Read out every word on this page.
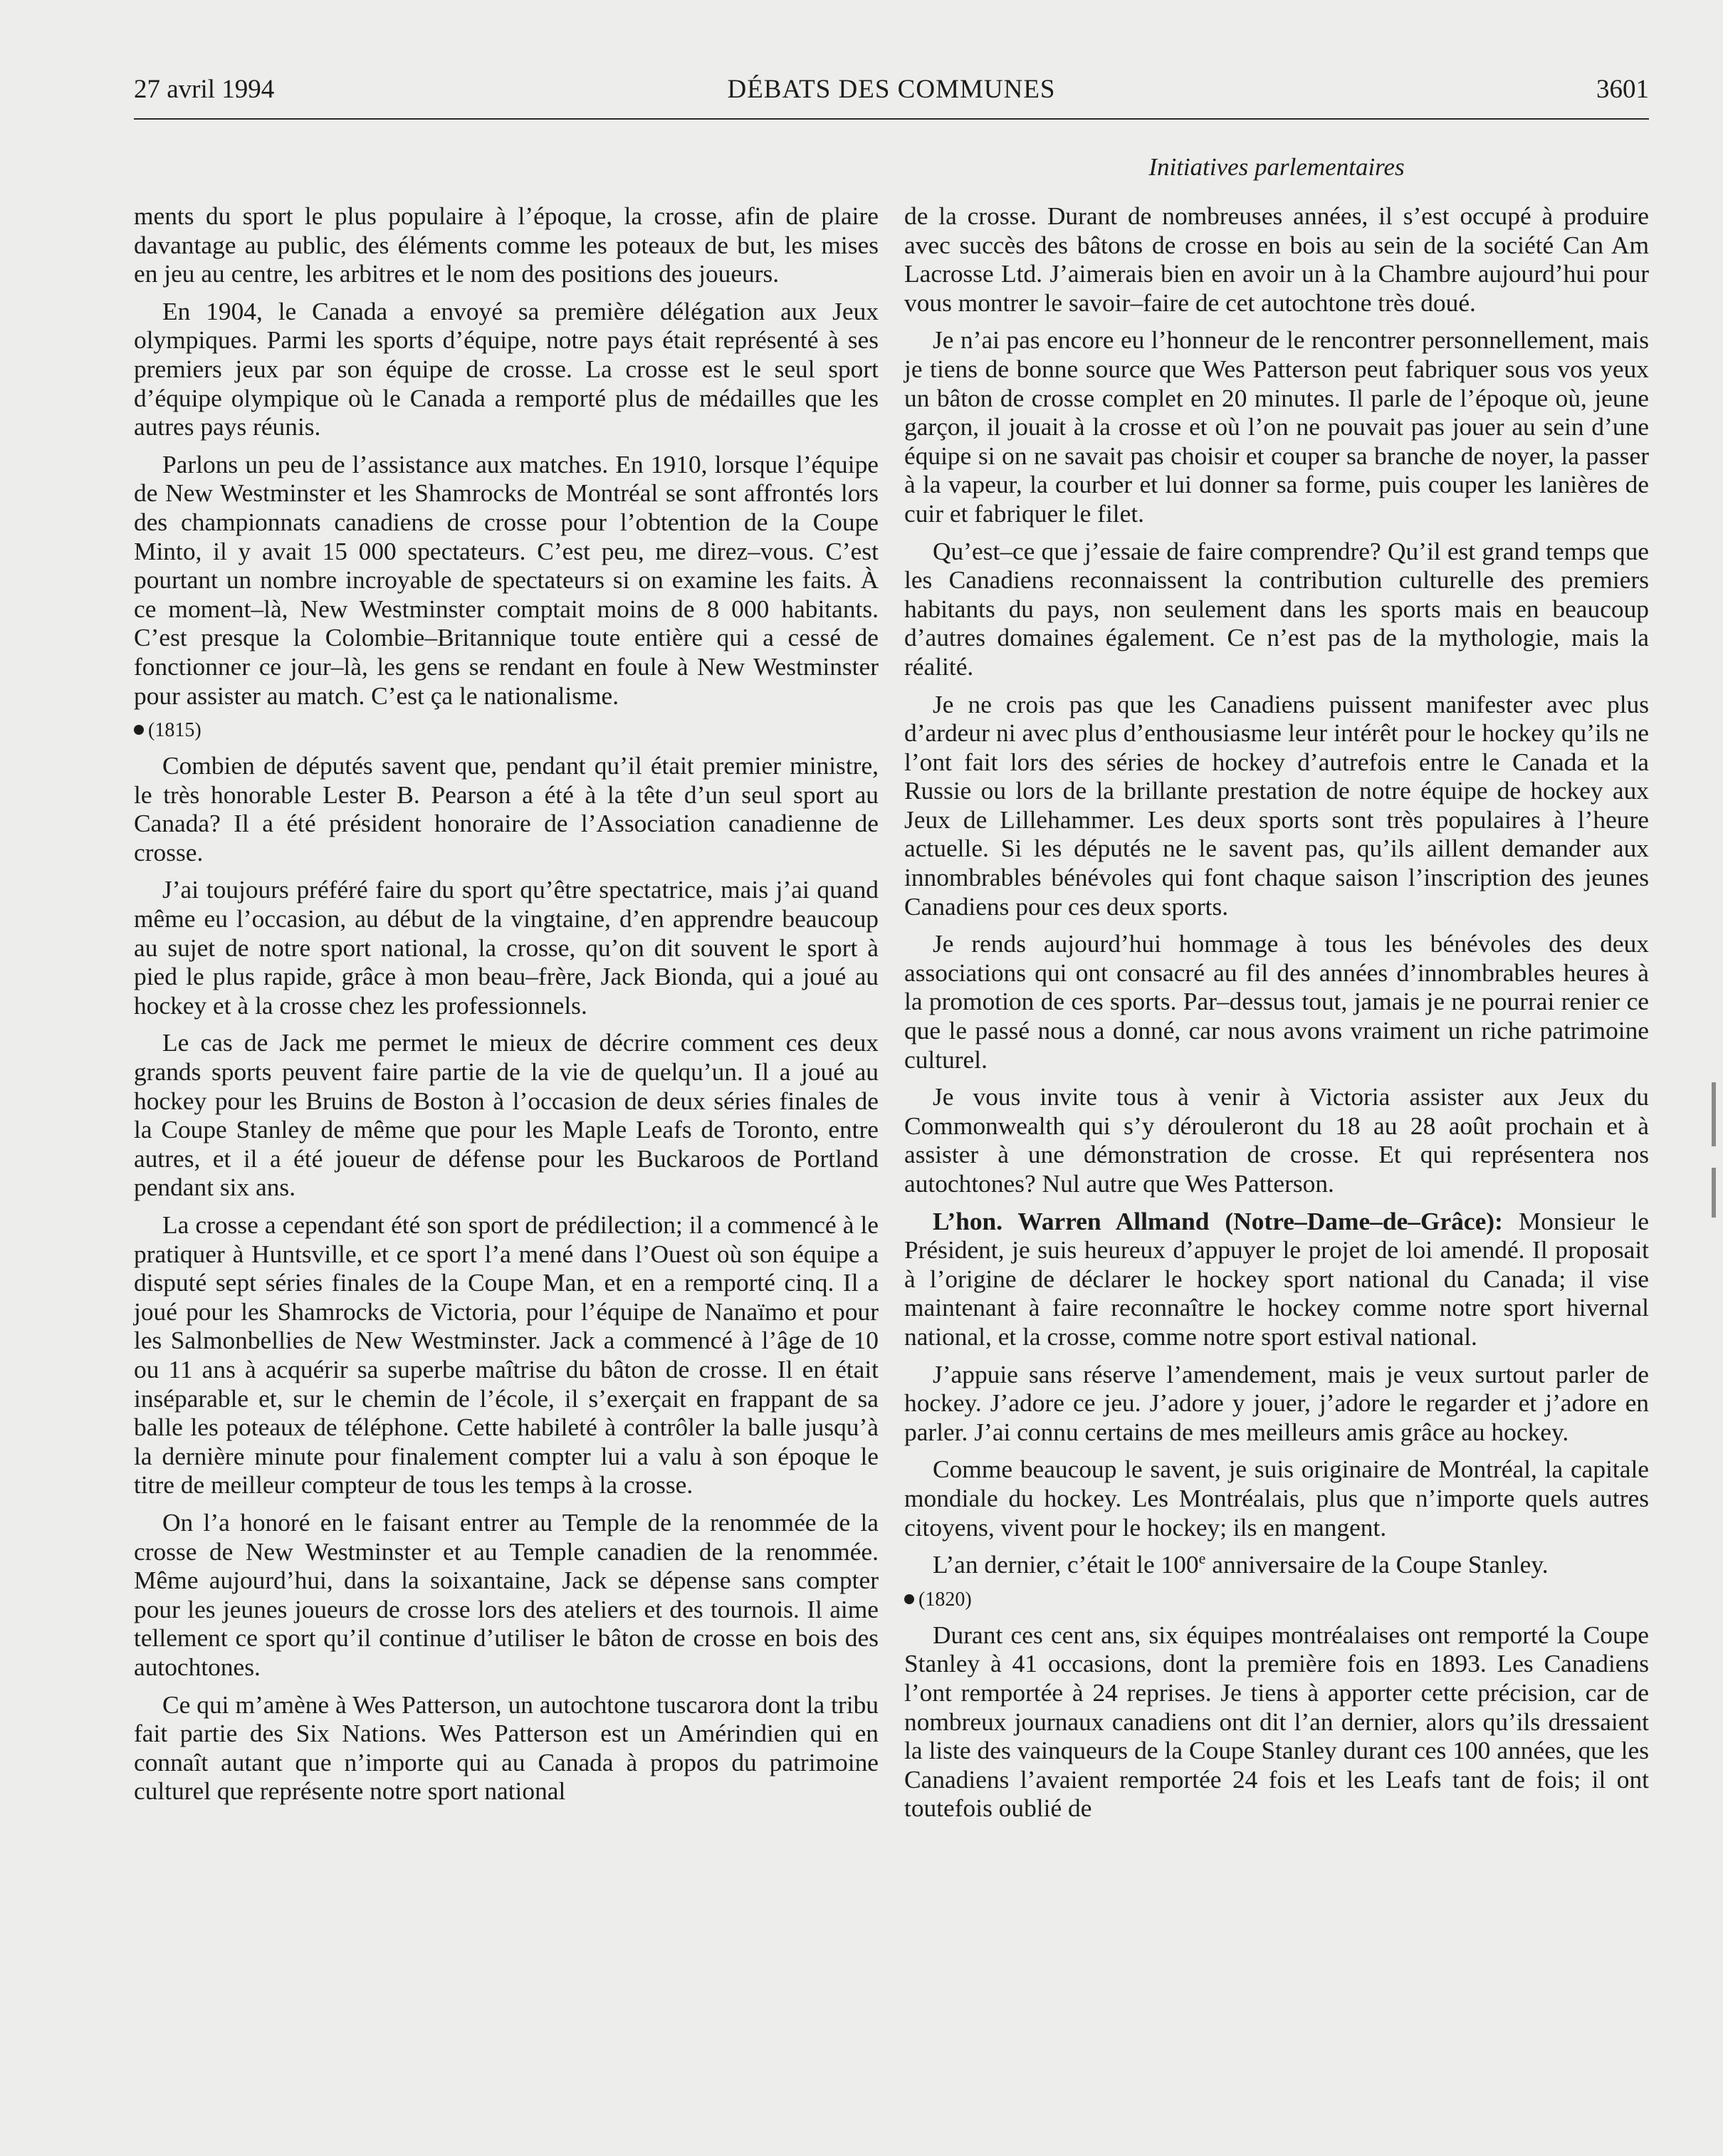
27 avril 1994	DÉBATS DES COMMUNES	3601
Initiatives parlementaires

ments du sport le plus populaire à l’époque, la crosse, afin de plaire davantage au public, des éléments comme les poteaux de but, les mises en jeu au centre, les arbitres et le nom des positions des joueurs.

En 1904, le Canada a envoyé sa première délégation aux Jeux olympiques. Parmi les sports d’équipe, notre pays était représenté à ses premiers jeux par son équipe de crosse. La crosse est le seul sport d’équipe olympique où le Canada a remporté plus de médailles que les autres pays réunis.

Parlons un peu de l’assistance aux matches. En 1910, lorsque l’équipe de New Westminster et les Shamrocks de Montréal se sont affrontés lors des championnats canadiens de crosse pour l’obtention de la Coupe Minto, il y avait 15 000 spectateurs. C’est peu, me direz–vous. C’est pourtant un nombre incroyable de spectateurs si on examine les faits. À ce moment–là, New Westminster comptait moins de 8 000 habitants. C’est presque la Colombie–Britannique toute entière qui a cessé de fonctionner ce jour–là, les gens se rendant en foule à New Westminster pour assister au match. C’est ça le nationalisme.

(1815)

Combien de députés savent que, pendant qu’il était premier ministre, le très honorable Lester B. Pearson a été à la tête d’un seul sport au Canada? Il a été président honoraire de l’Association canadienne de crosse.

J’ai toujours préféré faire du sport qu’être spectatrice, mais j’ai quand même eu l’occasion, au début de la vingtaine, d’en apprendre beaucoup au sujet de notre sport national, la crosse, qu’on dit souvent le sport à pied le plus rapide, grâce à mon beau–frère, Jack Bionda, qui a joué au hockey et à la crosse chez les professionnels.

Le cas de Jack me permet le mieux de décrire comment ces deux grands sports peuvent faire partie de la vie de quelqu’un. Il a joué au hockey pour les Bruins de Boston à l’occasion de deux séries finales de la Coupe Stanley de même que pour les Maple Leafs de Toronto, entre autres, et il a été joueur de défense pour les Buckaroos de Portland pendant six ans.

La crosse a cependant été son sport de prédilection; il a commencé à le pratiquer à Huntsville, et ce sport l’a mené dans l’Ouest où son équipe a disputé sept séries finales de la Coupe Man, et en a remporté cinq. Il a joué pour les Shamrocks de Victoria, pour l’équipe de Nanaïmo et pour les Salmonbellies de New Westminster. Jack a commencé à l’âge de 10 ou 11 ans à acquérir sa superbe maîtrise du bâton de crosse. Il en était inséparable et, sur le chemin de l’école, il s’exerçait en frappant de sa balle les poteaux de téléphone. Cette habileté à contrôler la balle jusqu’à la dernière minute pour finalement compter lui a valu à son époque le titre de meilleur compteur de tous les temps à la crosse.

On l’a honoré en le faisant entrer au Temple de la renommée de la crosse de New Westminster et au Temple canadien de la renommée. Même aujourd’hui, dans la soixantaine, Jack se dépense sans compter pour les jeunes joueurs de crosse lors des ateliers et des tournois. Il aime tellement ce sport qu’il continue d’utiliser le bâton de crosse en bois des autochtones.

Ce qui m’amène à Wes Patterson, un autochtone tuscarora dont la tribu fait partie des Six Nations. Wes Patterson est un Amérindien qui en connaît autant que n’importe qui au Canada à propos du patrimoine culturel que représente notre sport national

de la crosse. Durant de nombreuses années, il s’est occupé à produire avec succès des bâtons de crosse en bois au sein de la société Can Am Lacrosse Ltd. J’aimerais bien en avoir un à la Chambre aujourd’hui pour vous montrer le savoir–faire de cet autochtone très doué.

Je n’ai pas encore eu l’honneur de le rencontrer personnellement, mais je tiens de bonne source que Wes Patterson peut fabriquer sous vos yeux un bâton de crosse complet en 20 minutes. Il parle de l’époque où, jeune garçon, il jouait à la crosse et où l’on ne pouvait pas jouer au sein d’une équipe si on ne savait pas choisir et couper sa branche de noyer, la passer à la vapeur, la courber et lui donner sa forme, puis couper les lanières de cuir et fabriquer le filet.

Qu’est–ce que j’essaie de faire comprendre? Qu’il est grand temps que les Canadiens reconnaissent la contribution culturelle des premiers habitants du pays, non seulement dans les sports mais en beaucoup d’autres domaines également. Ce n’est pas de la mythologie, mais la réalité.

Je ne crois pas que les Canadiens puissent manifester avec plus d’ardeur ni avec plus d’enthousiasme leur intérêt pour le hockey qu’ils ne l’ont fait lors des séries de hockey d’autrefois entre le Canada et la Russie ou lors de la brillante prestation de notre équipe de hockey aux Jeux de Lillehammer. Les deux sports sont très populaires à l’heure actuelle. Si les députés ne le savent pas, qu’ils aillent demander aux innombrables bénévoles qui font chaque saison l’inscription des jeunes Canadiens pour ces deux sports.

Je rends aujourd’hui hommage à tous les bénévoles des deux associations qui ont consacré au fil des années d’innombrables heures à la promotion de ces sports. Par–dessus tout, jamais je ne pourrai renier ce que le passé nous a donné, car nous avons vraiment un riche patrimoine culturel.

Je vous invite tous à venir à Victoria assister aux Jeux du Commonwealth qui s’y dérouleront du 18 au 28 août prochain et à assister à une démonstration de crosse. Et qui représentera nos autochtones? Nul autre que Wes Patterson.

L’hon. Warren Allmand (Notre–Dame–de–Grâce): Monsieur le Président, je suis heureux d’appuyer le projet de loi amendé. Il proposait à l’origine de déclarer le hockey sport national du Canada; il vise maintenant à faire reconnaître le hockey comme notre sport hivernal national, et la crosse, comme notre sport estival national.

J’appuie sans réserve l’amendement, mais je veux surtout parler de hockey. J’adore ce jeu. J’adore y jouer, j’adore le regarder et j’adore en parler. J’ai connu certains de mes meilleurs amis grâce au hockey.

Comme beaucoup le savent, je suis originaire de Montréal, la capitale mondiale du hockey. Les Montréalais, plus que n’importe quels autres citoyens, vivent pour le hockey; ils en mangent.

L’an dernier, c’était le 100e anniversaire de la Coupe Stanley.

(1820)

Durant ces cent ans, six équipes montréalaises ont remporté la Coupe Stanley à 41 occasions, dont la première fois en 1893. Les Canadiens l’ont remportée à 24 reprises. Je tiens à apporter cette précision, car de nombreux journaux canadiens ont dit l’an dernier, alors qu’ils dressaient la liste des vainqueurs de la Coupe Stanley durant ces 100 années, que les Canadiens l’avaient remportée 24 fois et les Leafs tant de fois; il ont toutefois oublié de
